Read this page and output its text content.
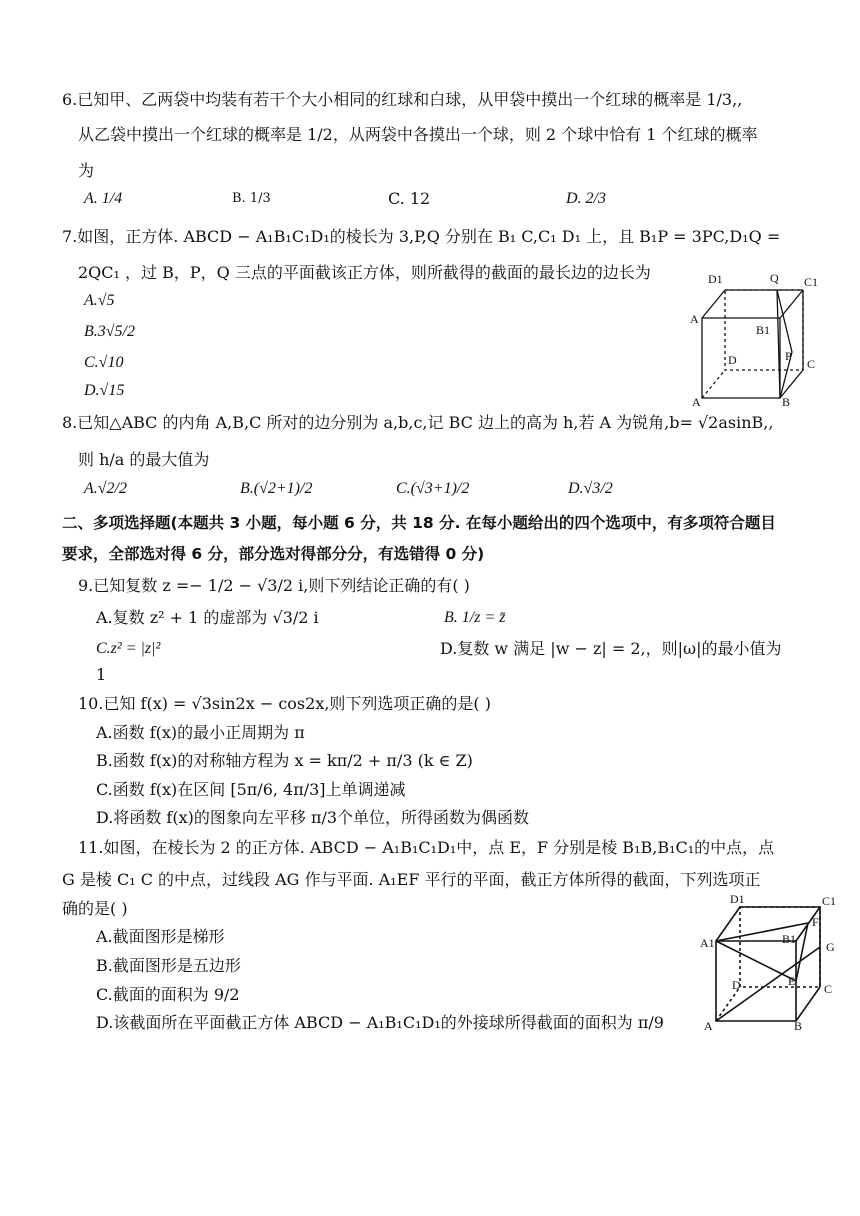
6.已知甲、乙两袋中均装有若干个大小相同的红球和白球，从甲袋中摸出一个红球的概率是 1/3,,
从乙袋中摸出一个红球的概率是 1/2，从两袋中各摸出一个球，则 2 个球中恰有 1 个红球的概率
为
A. 1/4	B. 1/3	C. 12	D. 2/3
7.如图，正方体. ABCD − A₁B₁C₁D₁的棱长为 3,P,Q 分别在 B₁ C,C₁ D₁ 上，且 B₁P = 3PC,D₁Q =
2QC₁ ，过 B，P，Q 三点的平面截该正方体，则所截得的截面的最长边的边长为
A.√5
B.3√5/2
C.√10
D.√15
D1	Q C1
A
B1
D	P
C
A	B
8.已知△ABC 的内角 A,B,C 所对的边分别为 a,b,c,记 BC 边上的高为 h,若 A 为锐角,b= √2asinB,,
则 h/a 的最大值为
A.√2/2	B.(√2+1)/2	C.(√3+1)/2	D.√3/2
二、多项选择题(本题共 3 小题，每小题 6 分，共 18 分. 在每小题给出的四个选项中，有多项符合题目
要求，全部选对得 6 分，部分选对得部分分，有选错得 0 分)
9.已知复数 z =− 1/2 − √3/2 i,则下列结论正确的有( )
A.复数 z² + 1 的虚部为 √3/2 i	B. 1/z = z̄
C.z² = |z|²	D.复数 w 满足 |w − z| = 2,，则|ω|的最小值为
1
10.已知 f(x) = √3sin2x − cos2x,则下列选项正确的是( )
A.函数 f(x)的最小正周期为 π
B.函数 f(x)的对称轴方程为 x = kπ/2 + π/3 (k ∈ Z)
C.函数 f(x)在区间 [5π/6, 4π/3]上单调递减
D.将函数 f(x)的图象向左平移 π/3个单位，所得函数为偶函数
11.如图，在棱长为 2 的正方体. ABCD − A₁B₁C₁D₁中，点 E，F 分别是棱 B₁B,B₁C₁的中点，点
G 是棱 C₁ C 的中点，过线段 AG 作与平面. A₁EF 平行的平面，截正方体所得的截面，下列选项正
确的是( )
A.截面图形是梯形
B.截面图形是五边形
C.截面的面积为 9/2
D.该截面所在平面截正方体 ABCD − A₁B₁C₁D₁的外接球所得截面的面积为 π/9
D1	C1
A1	B1
F
G
D	E
C
A	B
